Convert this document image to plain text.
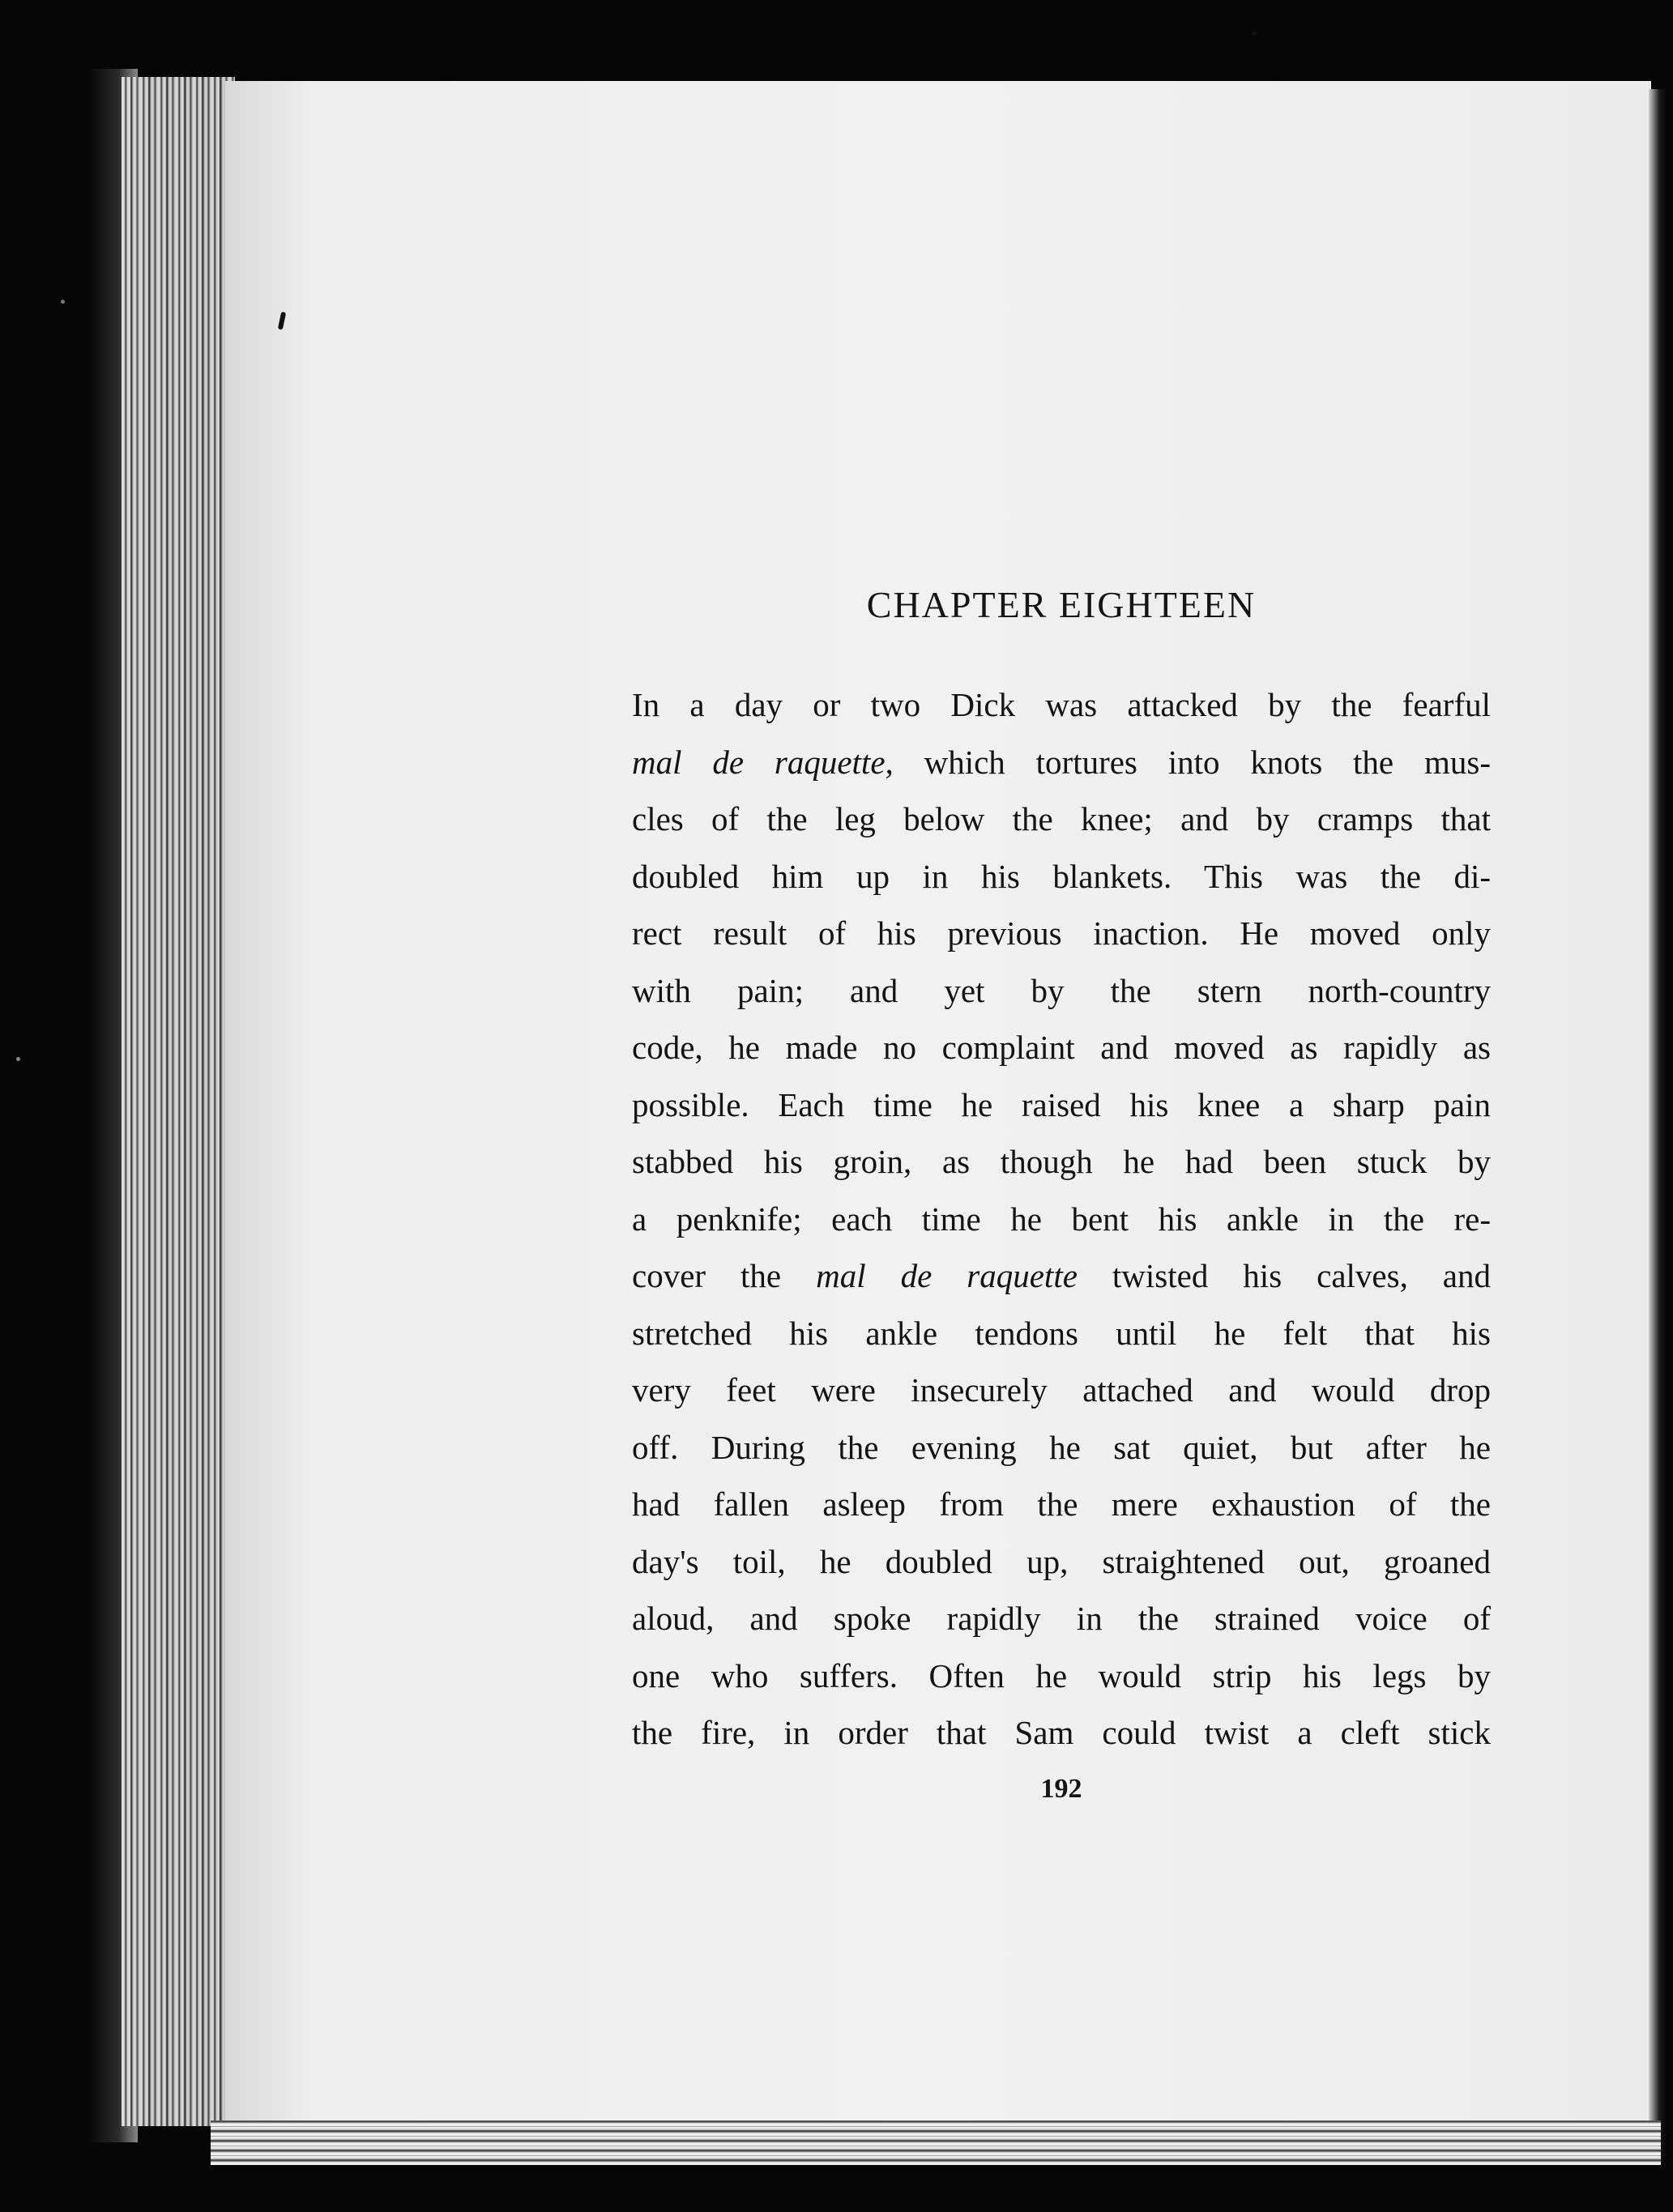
CHAPTER EIGHTEEN
In a day or two Dick was attacked by the fearful
mal de raquette, which tortures into knots the mus-
cles of the leg below the knee; and by cramps that
doubled him up in his blankets. This was the di-
rect result of his previous inaction. He moved only
with pain; and yet by the stern north-country
code, he made no complaint and moved as rapidly as
possible. Each time he raised his knee a sharp pain
stabbed his groin, as though he had been stuck by
a penknife; each time he bent his ankle in the re-
cover the mal de raquette twisted his calves, and
stretched his ankle tendons until he felt that his
very feet were insecurely attached and would drop
off. During the evening he sat quiet, but after he
had fallen asleep from the mere exhaustion of the
day's toil, he doubled up, straightened out, groaned
aloud, and spoke rapidly in the strained voice of
one who suffers. Often he would strip his legs by
the fire, in order that Sam could twist a cleft stick
192
